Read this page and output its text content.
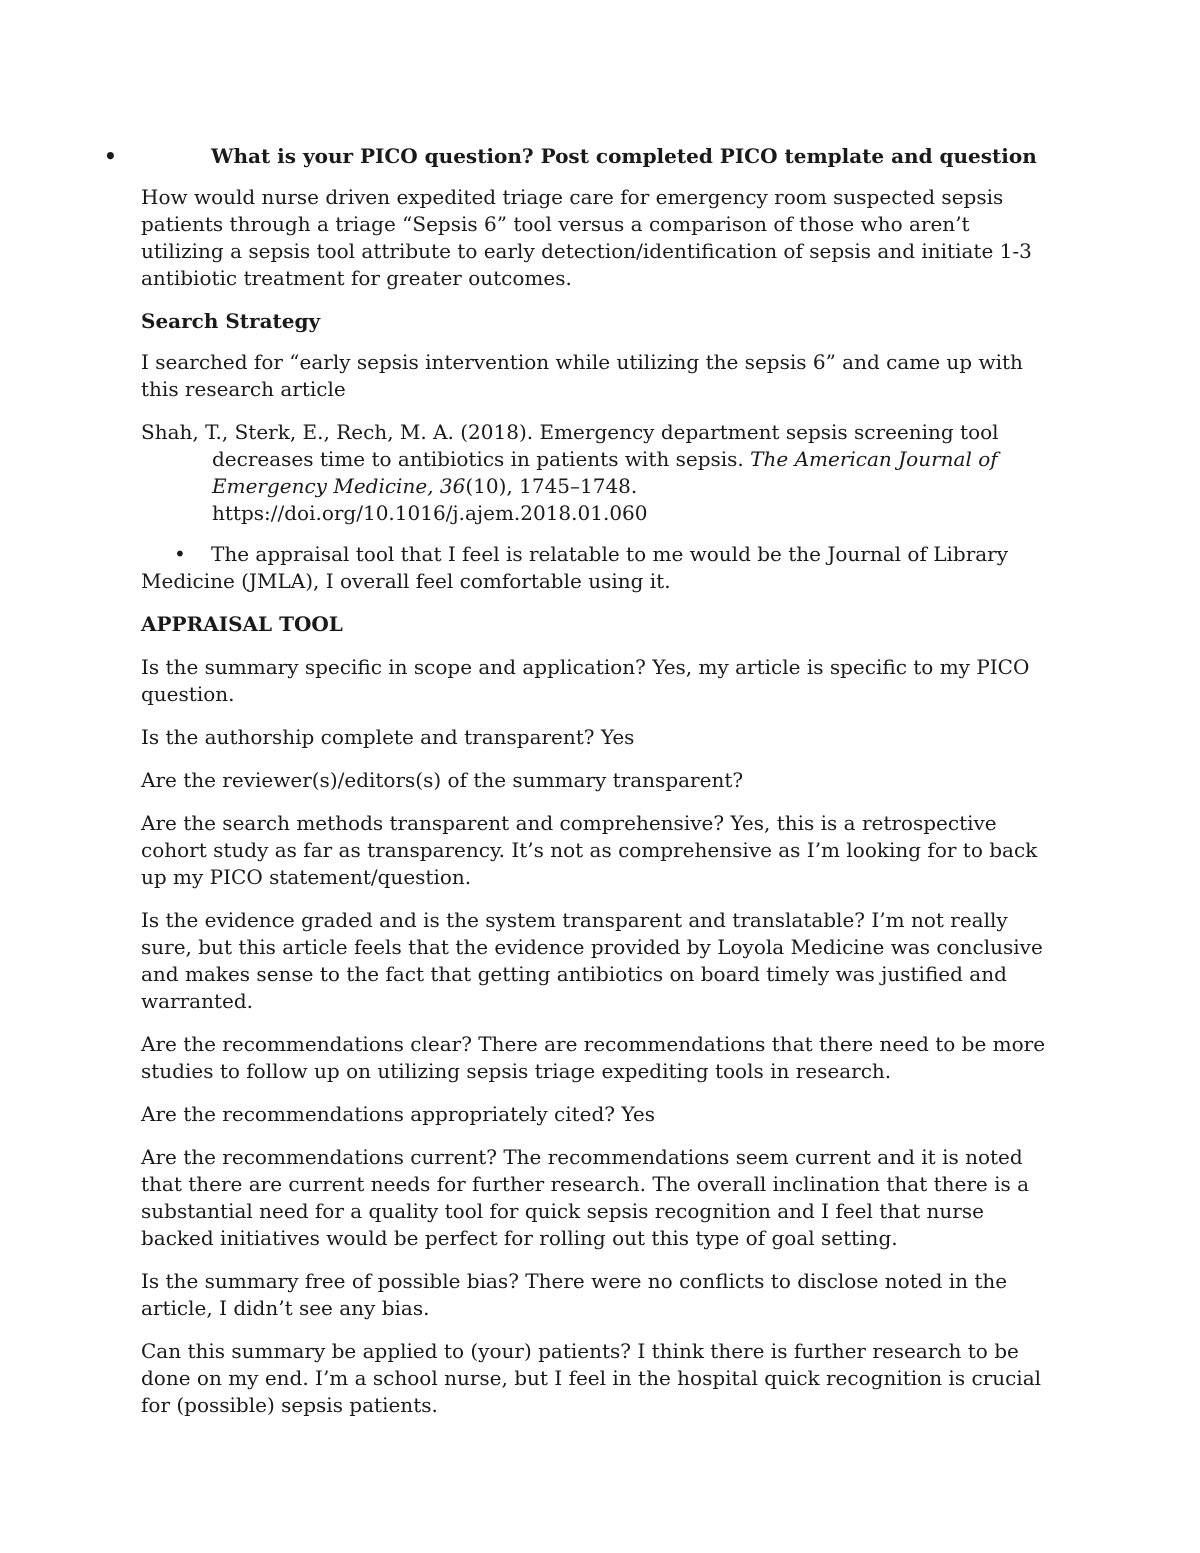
•	What is your PICO question? Post completed PICO template and question

How would nurse driven expedited triage care for emergency room suspected sepsis patients through a triage “Sepsis 6” tool versus a comparison of those who aren’t utilizing a sepsis tool attribute to early detection/identification of sepsis and initiate 1-3 antibiotic treatment for greater outcomes.

Search Strategy

I searched for “early sepsis intervention while utilizing the sepsis 6” and came up with this research article

Shah, T., Sterk, E., Rech, M. A. (2018). Emergency department sepsis screening tool decreases time to antibiotics in patients with sepsis. The American Journal of Emergency Medicine, 36(10), 1745–1748. https://doi.org/10.1016/j.ajem.2018.01.060

• The appraisal tool that I feel is relatable to me would be the Journal of Library Medicine (JMLA), I overall feel comfortable using it.

APPRAISAL TOOL

Is the summary specific in scope and application? Yes, my article is specific to my PICO question.

Is the authorship complete and transparent? Yes

Are the reviewer(s)/editors(s) of the summary transparent?

Are the search methods transparent and comprehensive? Yes, this is a retrospective cohort study as far as transparency. It’s not as comprehensive as I’m looking for to back up my PICO statement/question.

Is the evidence graded and is the system transparent and translatable? I’m not really sure, but this article feels that the evidence provided by Loyola Medicine was conclusive and makes sense to the fact that getting antibiotics on board timely was justified and warranted.

Are the recommendations clear? There are recommendations that there need to be more studies to follow up on utilizing sepsis triage expediting tools in research.

Are the recommendations appropriately cited? Yes

Are the recommendations current? The recommendations seem current and it is noted that there are current needs for further research. The overall inclination that there is a substantial need for a quality tool for quick sepsis recognition and I feel that nurse backed initiatives would be perfect for rolling out this type of goal setting.

Is the summary free of possible bias? There were no conflicts to disclose noted in the article, I didn’t see any bias.

Can this summary be applied to (your) patients? I think there is further research to be done on my end. I’m a school nurse, but I feel in the hospital quick recognition is crucial for (possible) sepsis patients.
